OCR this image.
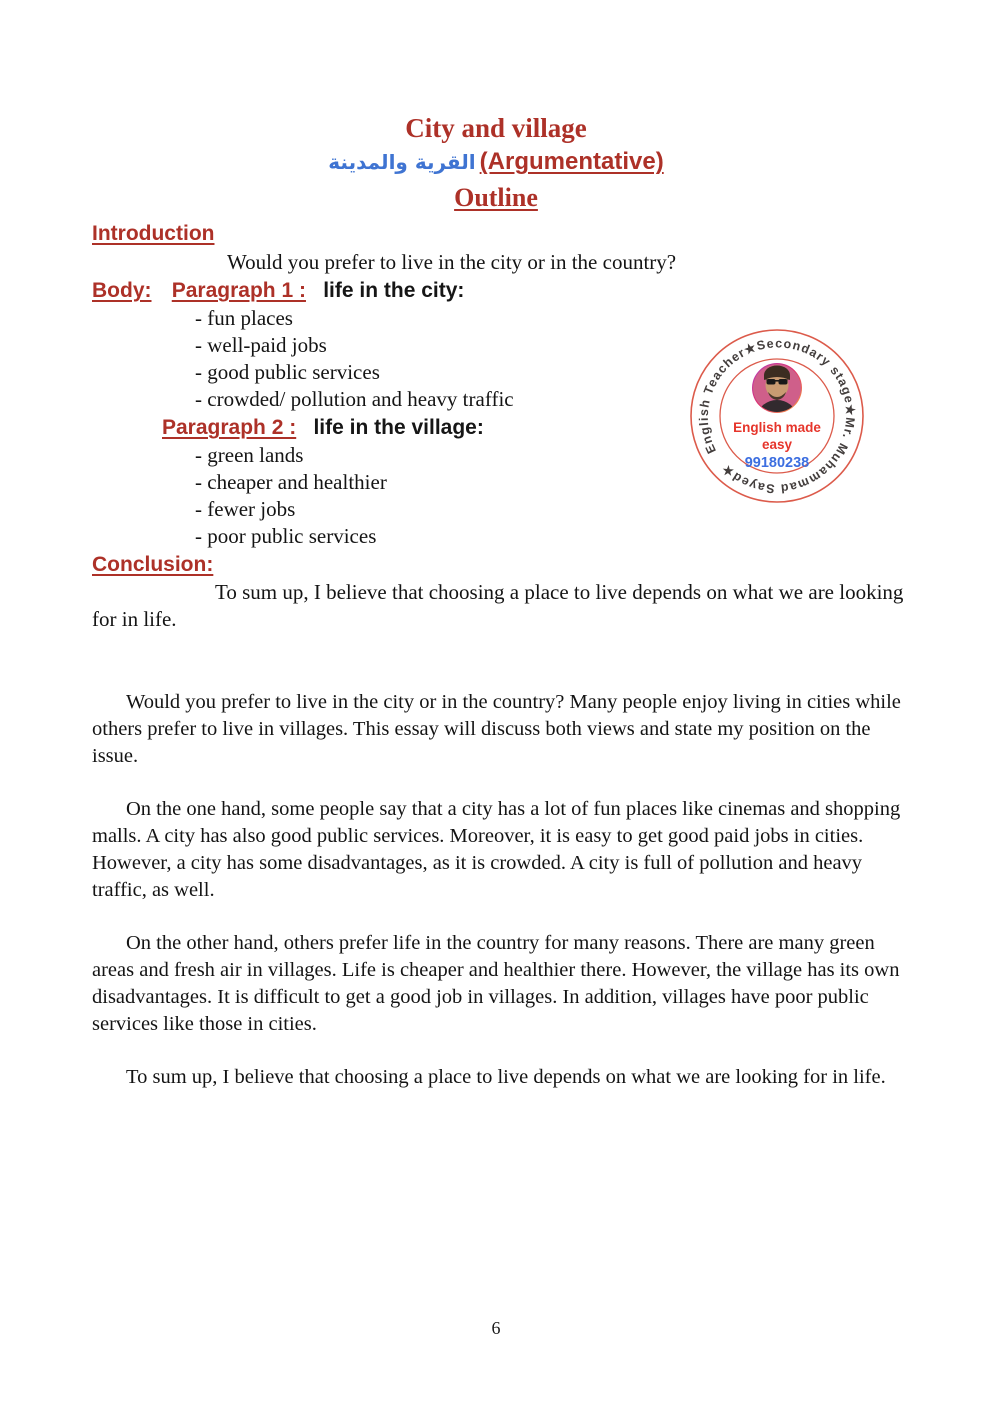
City and village
القرية والمدينة (Argumentative)
Outline
Introduction
Would you prefer to live in the city or in the country?
Body: Paragraph 1 : life in the city:
- fun places
- well-paid jobs
- good public services
- crowded/ pollution and heavy traffic
Paragraph 2 : life in the village:
- green lands
- cheaper and healthier
- fewer jobs
- poor public services
Conclusion:

To sum up, I believe that choosing a place to live depends on what we are looking for in life.

Would you prefer to live in the city or in the country? Many people enjoy living in cities while others prefer to live in villages. This essay will discuss both views and state my position on the issue.

On the one hand, some people say that a city has a lot of fun places like cinemas and shopping malls. A city has also good public services. Moreover, it is easy to get good paid jobs in cities. However, a city has some disadvantages, as it is crowded. A city is full of pollution and heavy traffic, as well.

On the other hand, others prefer life in the country for many reasons. There are many green areas and fresh air in villages. Life is cheaper and healthier there. However, the village has its own disadvantages. It is difficult to get a good job in villages. In addition, villages have poor public services like those in cities.

To sum up, I believe that choosing a place to live depends on what we are looking for in life.

English Teacher★Secondary stage★Mr. Muhammad Sayed★
English made
easy
99180238
6
